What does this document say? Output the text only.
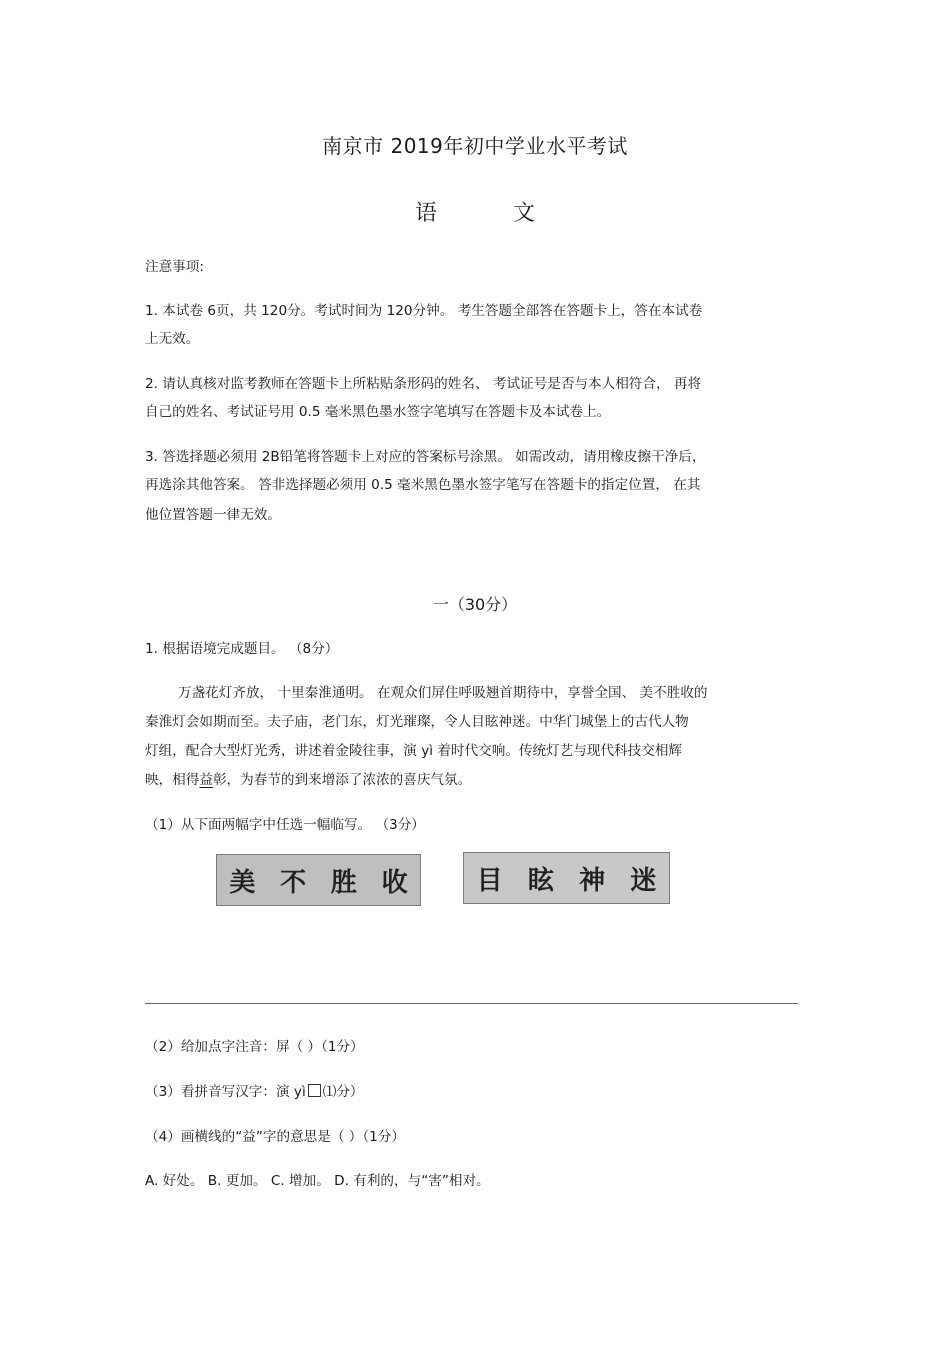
南京市 2019年初中学业水平考试
语	文
注意事项:
1. 本试卷 6页，共 120分。考试时间为 120分钟。 考生答题全部答在答题卡上，答在本试卷
上无效。
2. 请认真核对监考教师在答题卡上所粘贴条形码的姓名、 考试证号是否与本人相符合， 再将
自己的姓名、考试证号用 0.5 毫米黑色墨水签字笔填写在答题卡及本试卷上。
3. 答选择题必须用 2B铅笔将答题卡上对应的答案标号涂黑。 如需改动，请用橡皮擦干净后，
再选涂其他答案。 答非选择题必须用 0.5 毫米黑色墨水签字笔写在答题卡的指定位置， 在其
他位置答题一律无效。
一（30分）
1. 根据语境完成题目。 （8分）
万盏花灯齐放， 十里秦淮通明。 在观众们屏住呼吸翘首期待中，享誉全国、 美不胜收的
秦淮灯会如期而至。夫子庙，老门东，灯光璀璨，令人目眩神迷。中华门城堡上的古代人物
灯组，配合大型灯光秀，讲述着金陵往事，演 yì 着时代交响。传统灯艺与现代科技交相辉
映，相得益彰，为春节的到来增添了浓浓的喜庆气氛。
（1）从下面两幅字中任选一幅临写。 （3分）
美 不 胜 收	目 眩 神 迷
（2）给加点字注音：屏（ ）（1分）
（3）看拼音写汉字：演 yì ⑴分）
（4）画横线的“益”字的意思是（ ）（1分）
A. 好处。 B. 更加。 C. 增加。 D. 有利的，与“害”相对。
